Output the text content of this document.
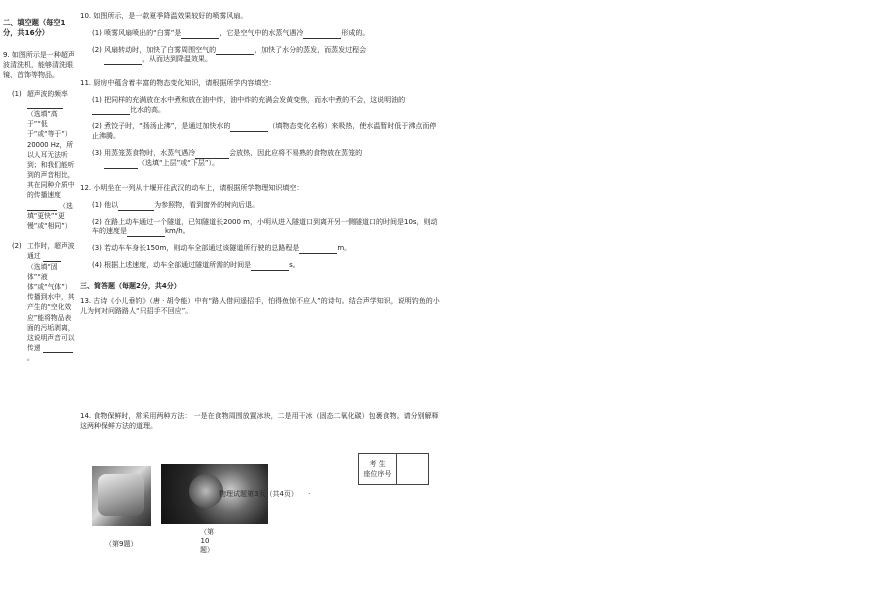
二、填空题（每空1分，共16分）
9. 如图所示是一种超声波清洗机，能够清洗眼镜、首饰等物品。
(1) 超声波的频率  （选填“高于”“低于”或“等于”）20000 Hz，所以人耳无法听到；和我们能听到的声音相比，其在同种介质中的传播速度  （选填“更快”“更慢”或“相同”）
(2) 工作时，超声波通过  （选填“固体”“液体”或“气体”）传播到水中，其产生的“空化效应”能将物品表面的污垢剥离，这说明声音可以传递  。
10. 如图所示，是一款夏季降温效果较好的喷雾风扇。
(1) 喷雾风扇喷出的“白雾”是	，它是空气中的水蒸气遇冷	形成的。
(2) 风扇转动时，加快了白雾周围空气的	，加快了水分的蒸发，而蒸发过程会
，从而达到降温效果。
11. 厨房中蕴含着丰富的物态变化知识，请根据所学内容填空：
(1) 把同样的充满放在水中煮和放在油中炸，油中炸的充满会发黄变焦，而水中煮的不会，这说明油的比水的高。
(2) 煮饺子时，“扬汤止沸”，是通过加快水的	（填物态变化名称）来吸热，使水温暂时低于沸点而停止沸腾。
(3) 用蒸笼蒸食物时，水蒸气遇冷	会放热，因此应将不易熟的食物放在蒸笼的
（选填“上层”或“下层”）。
12. 小明坐在一列从十堰开往武汉的动车上，请根据所学物理知识填空：
(1) 他以	为参照物，看到窗外的树向后退。
(2) 在路上动车通过一个隧道，已知隧道长2000 m，小明从进入隧道口到离开另一侧隧道口的时间是10s，则动车的速度是	km/h。
(3) 若动车车身长150m，则动车全部通过该隧道所行驶的总路程是	m。
(4) 根据上述速度，动车全部通过隧道所需的时间是	s。
三、简答题（每题2分，共4分）
13. 古诗《小儿垂钓》（唐 · 胡令能）中有“路人借问遥招手，怕得鱼惊不应人”的诗句。结合声学知识，说明钓鱼的小儿为何对问路路人“只招手不回应”。
14. 食物保鲜时，常采用两种方法： 一是在食物周围放置冰块，二是用干冰（固态二氧化碳）包裹食物。请分别解释这两种保鲜方法的道理。
考 生
座位序号

（第9题）
（第10题）
物理试题第3页（共4页） ·
